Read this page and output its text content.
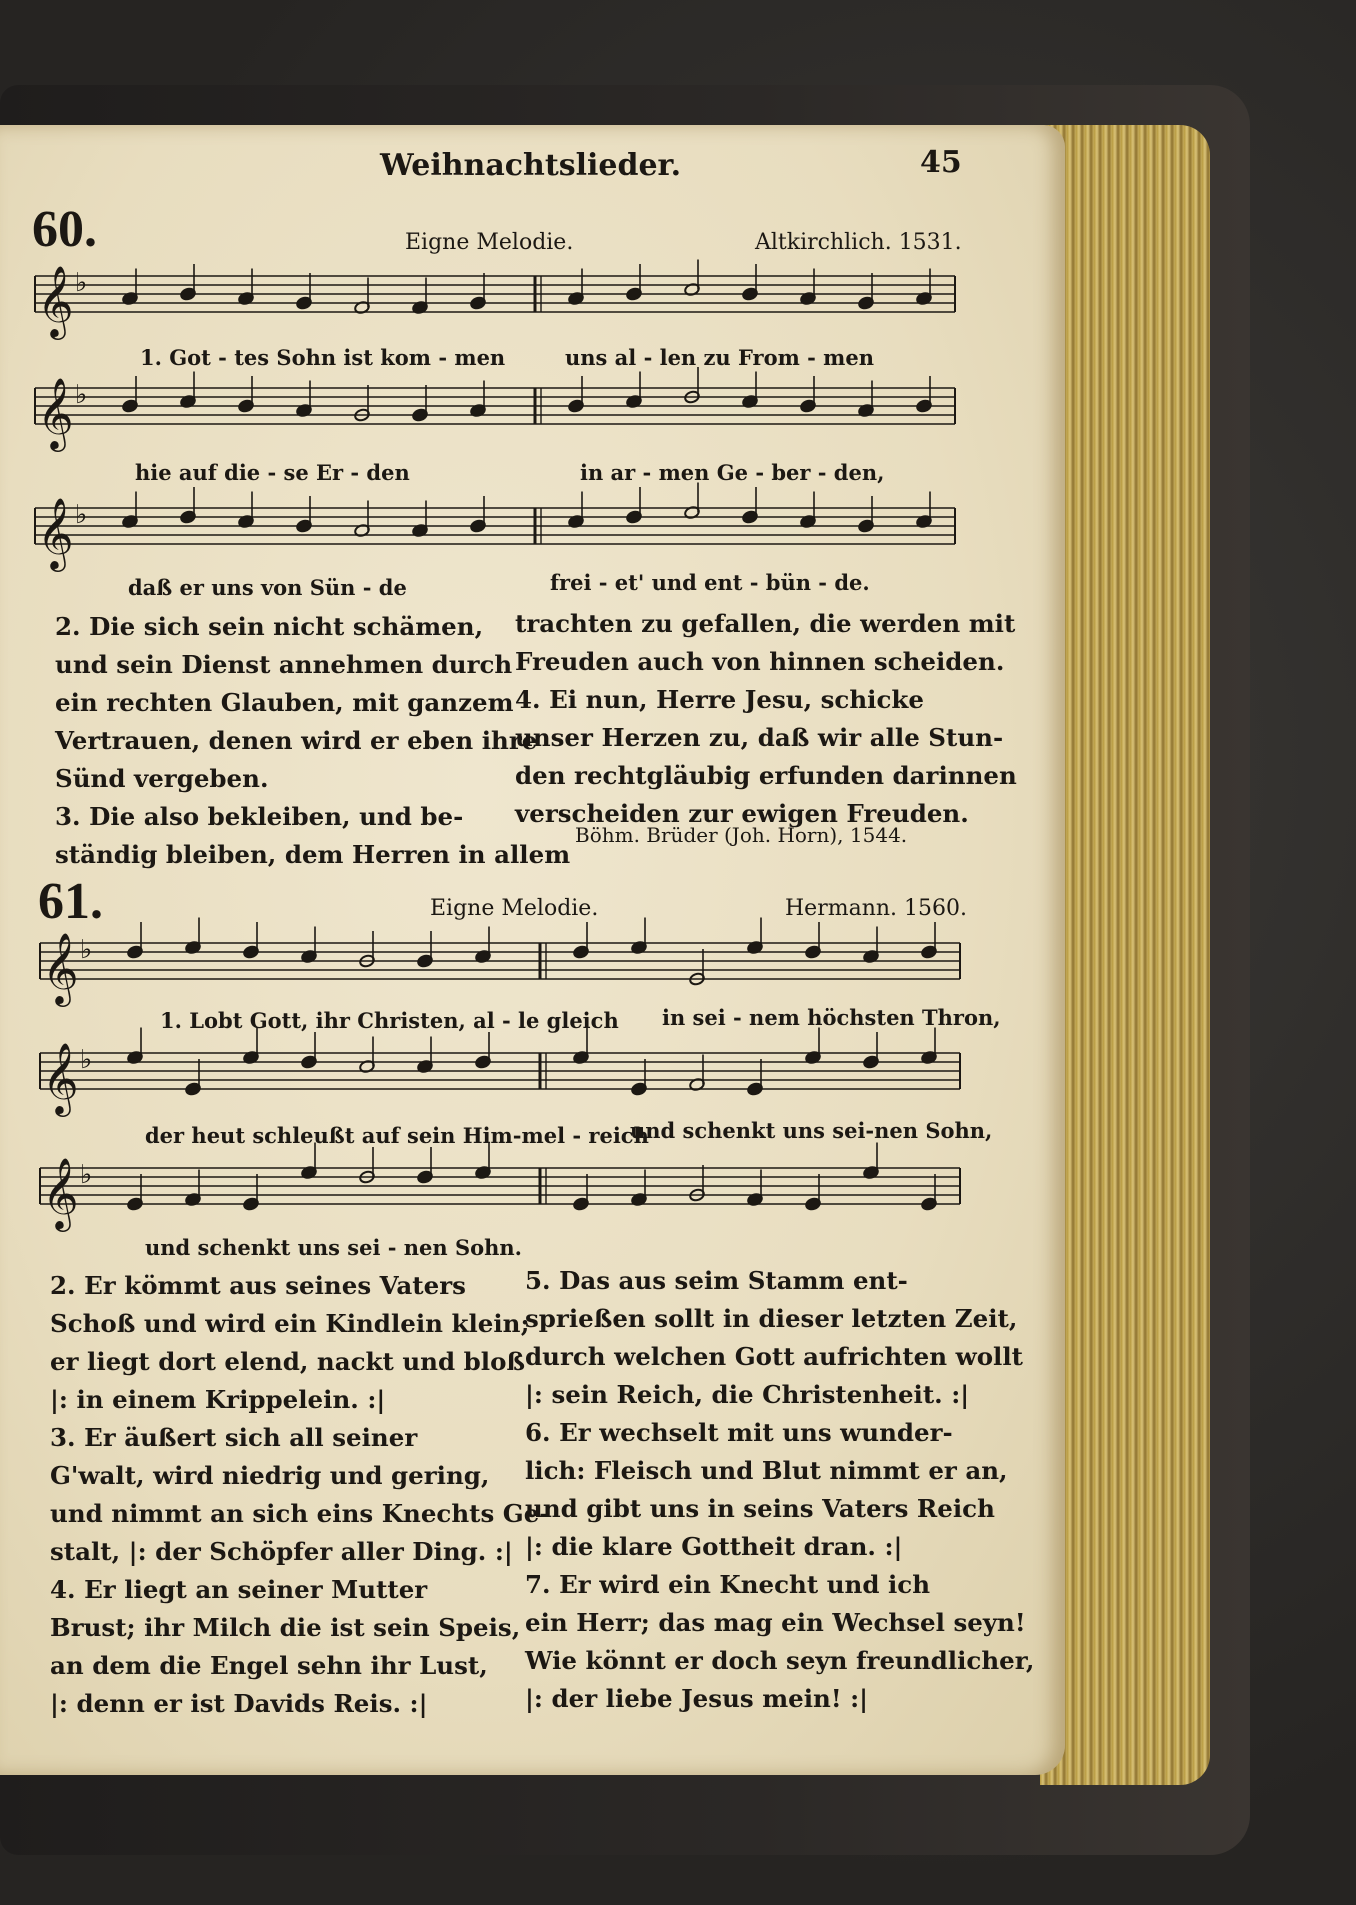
Weihnachtslieder.	45
60.	Eigne Melodie.	Altkirchlich. 1531.
𝄞 ♭
1. Got - tes Sohn ist kom - men	uns al - len zu From - men
𝄞 ♭
hie auf die - se Er - den	in ar - men Ge - ber - den,
𝄞 ♭
daß er uns von Sün - de	frei - et' und ent - bün - de.
2. Die sich sein nicht schämen,
und sein Dienst annehmen durch
ein rechten Glauben, mit ganzem
Vertrauen, denen wird er eben ihre
Sünd vergeben.
3. Die also bekleiben, und be-
ständig bleiben, dem Herren in allem
trachten zu gefallen, die werden mit
Freuden auch von hinnen scheiden.
4. Ei nun, Herre Jesu, schicke
unser Herzen zu, daß wir alle Stun-
den rechtgläubig erfunden darinnen
verscheiden zur ewigen Freuden.
Böhm. Brüder (Joh. Horn), 1544.
61.	Eigne Melodie.	Hermann. 1560.
𝄞 ♭
1. Lobt Gott, ihr Christen, al - le gleich in sei - nem höchsten Thron,
𝄞 ♭
der heut schleußt auf sein Him-mel - reich
und schenkt uns sei-nen Sohn,
𝄞 ♭
und schenkt uns sei - nen Sohn.
2. Er kömmt aus seines Vaters
Schoß und wird ein Kindlein klein;
er liegt dort elend, nackt und bloß
|: in einem Krippelein. :|
3. Er äußert sich all seiner
G'walt, wird niedrig und gering,
und nimmt an sich eins Knechts Ge-
stalt, |: der Schöpfer aller Ding. :|
4. Er liegt an seiner Mutter
Brust; ihr Milch die ist sein Speis,
an dem die Engel sehn ihr Lust,
|: denn er ist Davids Reis. :|
5. Das aus seim Stamm ent-
sprießen sollt in dieser letzten Zeit,
durch welchen Gott aufrichten wollt
|: sein Reich, die Christenheit. :|
6. Er wechselt mit uns wunder-
lich: Fleisch und Blut nimmt er an,
und gibt uns in seins Vaters Reich
|: die klare Gottheit dran. :|
7. Er wird ein Knecht und ich
ein Herr; das mag ein Wechsel seyn!
Wie könnt er doch seyn freundlicher,
|: der liebe Jesus mein! :|
